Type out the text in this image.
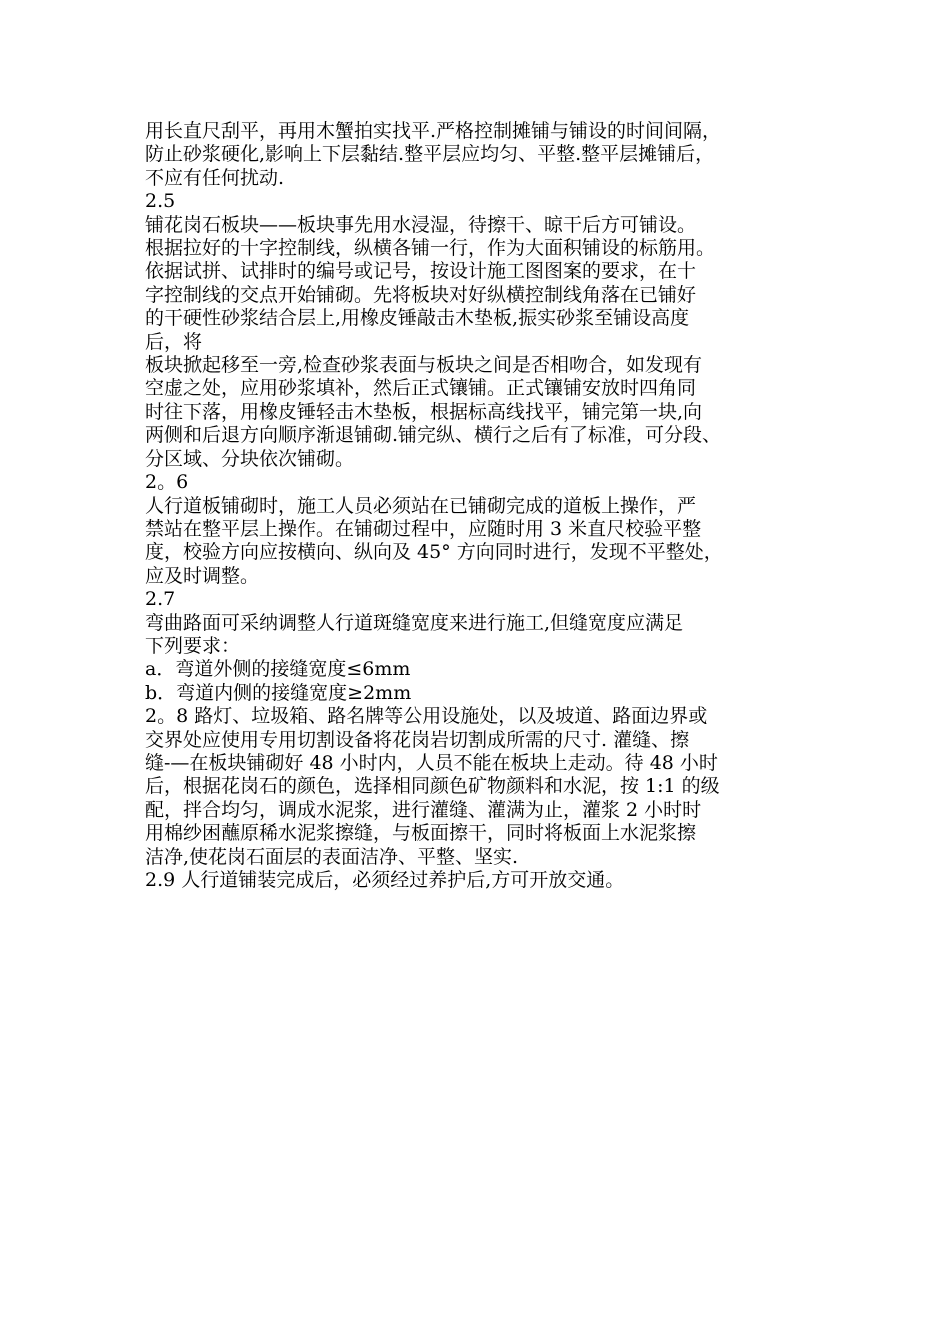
用长直尺刮平，再用木蟹拍实找平.严格控制摊铺与铺设的时间间隔，
防止砂浆硬化,影响上下层黏结.整平层应均匀、平整.整平层摊铺后，
不应有任何扰动.
2.5
铺花岗石板块——板块事先用水浸湿，待擦干、晾干后方可铺设。
根据拉好的十字控制线，纵横各铺一行，作为大面积铺设的标筋用。
依据试拼、试排时的编号或记号，按设计施工图图案的要求，在十
字控制线的交点开始铺砌。先将板块对好纵横控制线角落在已铺好
的干硬性砂浆结合层上,用橡皮锤敲击木垫板,振实砂浆至铺设高度
后，将
板块掀起移至一旁,检查砂浆表面与板块之间是否相吻合，如发现有
空虚之处，应用砂浆填补，然后正式镶铺。正式镶铺安放时四角同
时往下落，用橡皮锤轻击木垫板，根据标高线找平，铺完第一块,向
两侧和后退方向顺序渐退铺砌.铺完纵、横行之后有了标准，可分段、
分区域、分块依次铺砌。
2。6
人行道板铺砌时，施工人员必须站在已铺砌完成的道板上操作，严
禁站在整平层上操作。在铺砌过程中，应随时用 3 米直尺校验平整
度，校验方向应按横向、纵向及 45° 方向同时进行，发现不平整处，
应及时调整。
2.7
弯曲路面可采纳调整人行道斑缝宽度来进行施工,但缝宽度应满足
下列要求：
a．弯道外侧的接缝宽度≤6mm
b．弯道内侧的接缝宽度≥2mm
2。8 路灯、垃圾箱、路名牌等公用设施处，以及坡道、路面边界或
交界处应使用专用切割设备将花岗岩切割成所需的尺寸. 灌缝、擦
缝-—在板块铺砌好 48 小时内，人员不能在板块上走动。待 48 小时
后，根据花岗石的颜色，选择相同颜色矿物颜料和水泥，按 1:1 的级
配，拌合均匀，调成水泥浆，进行灌缝、灌满为止，灌浆 2 小时时
用棉纱困蘸原稀水泥浆擦缝，与板面擦干，同时将板面上水泥浆擦
洁净,使花岗石面层的表面洁净、平整、坚实.
2.9 人行道铺装完成后，必须经过养护后,方可开放交通。
